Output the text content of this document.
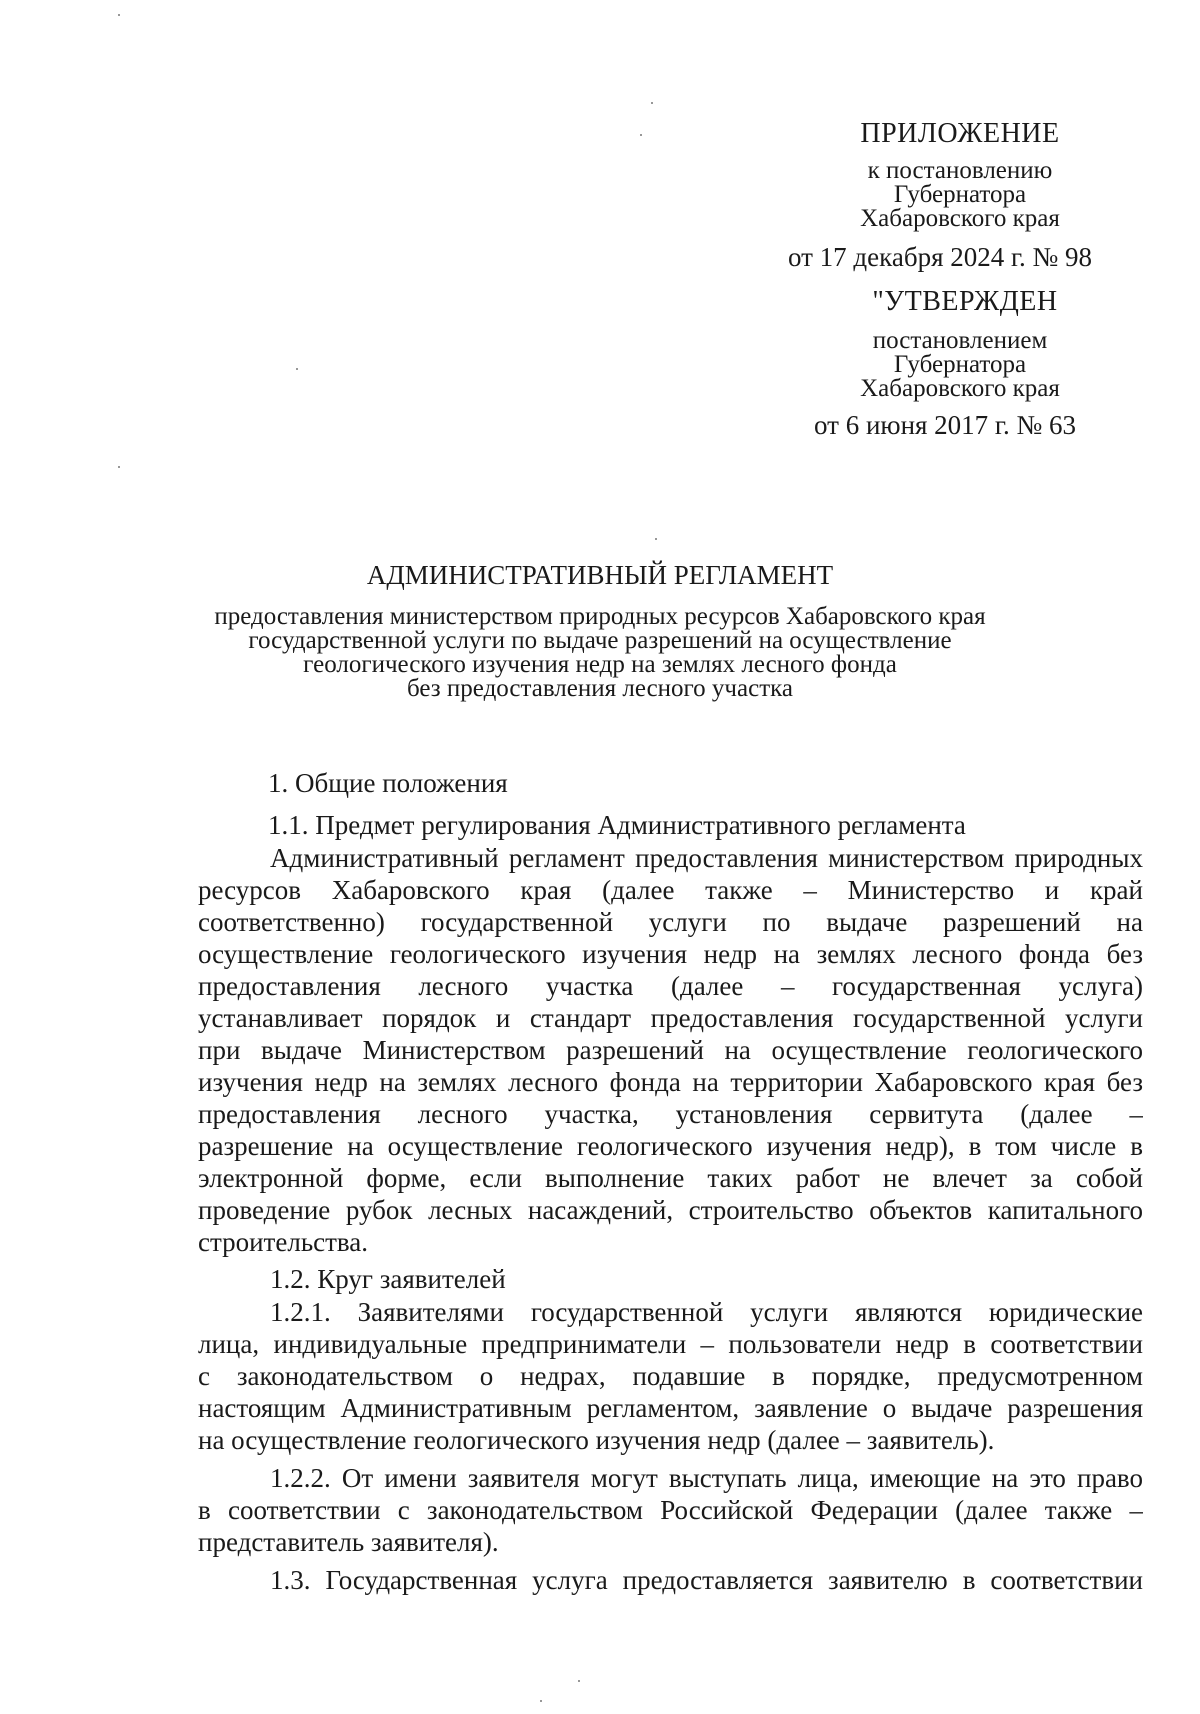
ПРИЛОЖЕНИЕ
к постановлению
Губернатора
Хабаровского края
от 17 декабря 2024 г. № 98
"УТВЕРЖДЕН
постановлением
Губернатора
Хабаровского края
от 6 июня 2017 г. № 63
АДМИНИСТРАТИВНЫЙ РЕГЛАМЕНТ
предоставления министерством природных ресурсов Хабаровского края
государственной услуги по выдаче разрешений на осуществление
геологического изучения недр на землях лесного фонда
без предоставления лесного участка
1. Общие положения
1.1. Предмет регулирования Административного регламента
Административный регламент предоставления министерством природных
ресурсов Хабаровского края (далее также – Министерство и край
соответственно) государственной услуги по выдаче разрешений на
осуществление геологического изучения недр на землях лесного фонда без
предоставления лесного участка (далее – государственная услуга)
устанавливает порядок и стандарт предоставления государственной услуги
при выдаче Министерством разрешений на осуществление геологического
изучения недр на землях лесного фонда на территории Хабаровского края без
предоставления лесного участка, установления сервитута (далее –
разрешение на осуществление геологического изучения недр), в том числе в
электронной форме, если выполнение таких работ не влечет за собой
проведение рубок лесных насаждений, строительство объектов капитального
строительства.
1.2. Круг заявителей
1.2.1. Заявителями государственной услуги являются юридические
лица, индивидуальные предприниматели – пользователи недр в соответствии
с законодательством о недрах, подавшие в порядке, предусмотренном
настоящим Административным регламентом, заявление о выдаче разрешения
на осуществление геологического изучения недр (далее – заявитель).
1.2.2. От имени заявителя могут выступать лица, имеющие на это право
в соответствии с законодательством Российской Федерации (далее также –
представитель заявителя).
1.3. Государственная услуга предоставляется заявителю в соответствии
